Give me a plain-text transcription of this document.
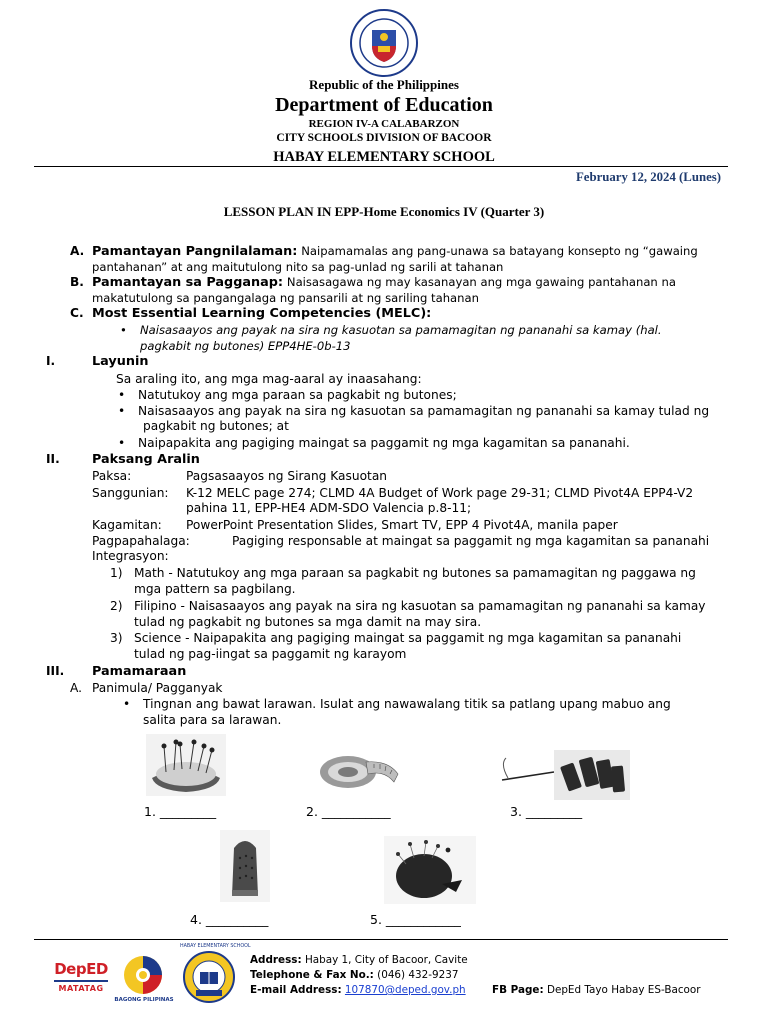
Republic of the Philippines
Department of Education
REGION IV-A CALABARZON
CITY SCHOOLS DIVISION OF BACOOR
HABAY ELEMENTARY SCHOOL
February 12, 2024 (Lunes)
LESSON PLAN IN EPP-Home Economics IV (Quarter 3)
A. Pamantayan Pangnilalaman: Naipamamalas ang pang-unawa sa batayang konsepto ng “gawaing
pantahanan” at ang maitutulong nito sa pag-unlad ng sarili at tahanan
B. Pamantayan sa Pagganap: Naisasagawa ng may kasanayan ang mga gawaing pantahanan na
makatutulong sa pangangalaga ng pansarili at ng sariling tahanan
C. Most Essential Learning Competencies (MELC):
• Naisasaayos ang payak na sira ng kasuotan sa pamamagitan ng pananahi sa kamay (hal.
pagkabit ng butones) EPP4HE-0b-13
I.	Layunin
Sa araling ito, ang mga mag-aaral ay inaasahang:
• Natutukoy ang mga paraan sa pagkabit ng butones;
• Naisasaayos ang payak na sira ng kasuotan sa pamamagitan ng pananahi sa kamay tulad ng
pagkabit ng butones; at
• Naipapakita ang pagiging maingat sa paggamit ng mga kagamitan sa pananahi.
II.	Paksang Aralin
Paksa:	Pagsasaayos ng Sirang Kasuotan
Sanggunian: K-12 MELC page 274; CLMD 4A Budget of Work page 29-31; CLMD Pivot4A EPP4-V2
pahina 11, EPP-HE4 ADM-SDO Valencia p.8-11;
Kagamitan: PowerPoint Presentation Slides, Smart TV, EPP 4 Pivot4A, manila paper
Pagpapahalaga:	Pagiging responsable at maingat sa paggamit ng mga kagamitan sa pananahi
Integrasyon:
1) Math - Natutukoy ang mga paraan sa pagkabit ng butones sa pamamagitan ng paggawa ng
mga pattern sa pagbilang.
2) Filipino - Naisasaayos ang payak na sira ng kasuotan sa pamamagitan ng pananahi sa kamay
tulad ng pagkabit ng butones sa mga damit na may sira.
3) Science - Naipapakita ang pagiging maingat sa paggamit ng mga kagamitan sa pananahi
tulad ng pag-iingat sa paggamit ng karayom
III. Pamamaraan
A. Panimula/ Pagganyak
• Tingnan ang bawat larawan. Isulat ang nawawalang titik sa patlang upang mabuo ang
salita para sa larawan.
1. _________	2. ___________	3. _________
4. __________	5. ____________
DepED
MATATAG
BAGONG PILIPINAS
HABAY ELEMENTARY SCHOOL
Address: Habay 1, City of Bacoor, Cavite
Telephone & Fax No.: (046) 432-9237
E-mail Address: 107870@deped.gov.ph	FB Page: DepEd Tayo Habay ES-Bacoor
